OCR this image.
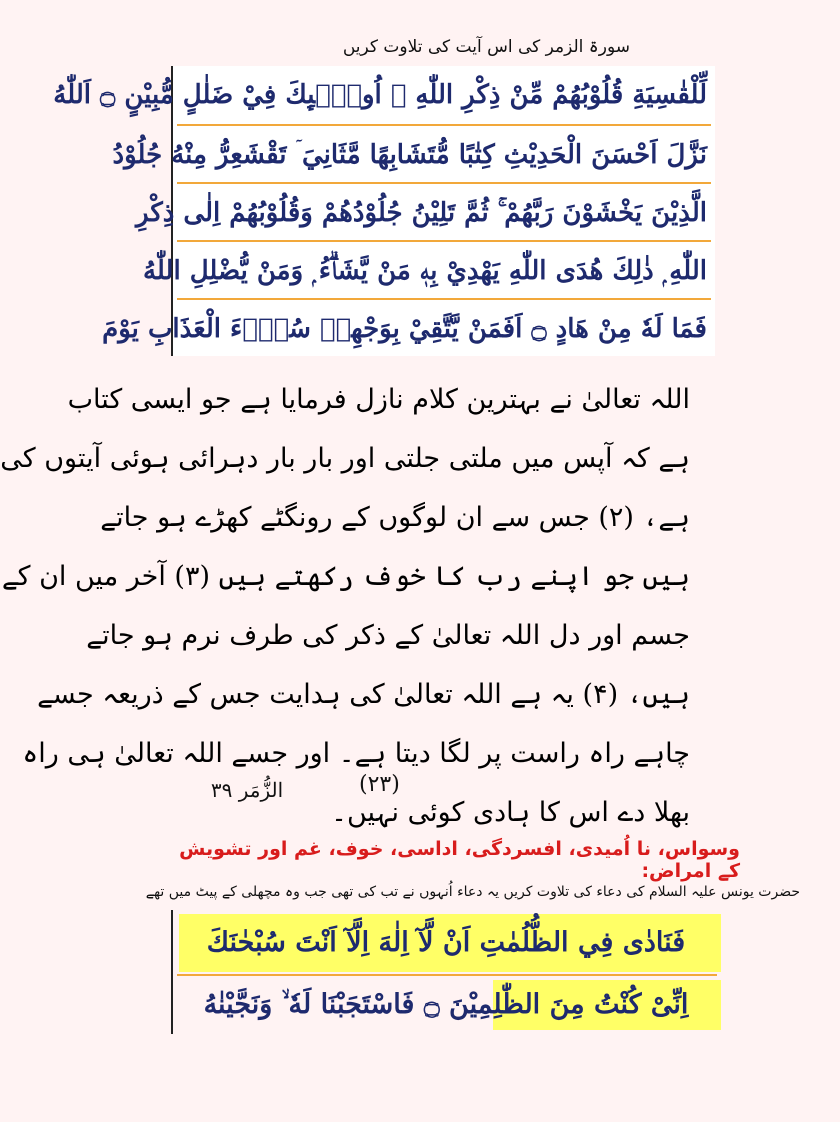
سورۃ الزمر کی اس آیت کی تلاوت کریں
لِّلْقٰسِيَةِ قُلُوْبُهُمْ مِّنْ ذِكْرِ اللّٰهِ ۭ اُولٰۗىِٕكَ فِيْ ضَلٰلٍ مُّبِيْنٍ ۝ اَللّٰهُ
نَزَّلَ اَحْسَنَ الْحَدِيْثِ كِتٰبًا مُّتَشَابِهًا مَّثَانِيَ ۤ تَقْشَعِرُّ مِنْهُ جُلُوْدُ
الَّذِيْنَ يَخْشَوْنَ رَبَّهُمْ ۚ ثُمَّ تَلِيْنُ جُلُوْدُهُمْ وَقُلُوْبُهُمْ اِلٰى ذِكْرِ
اللّٰهِ ۭ ذٰلِكَ هُدَى اللّٰهِ يَهْدِيْ بِهٖ مَنْ يَّشَاۗءُ ۭ وَمَنْ يُّضْلِلِ اللّٰهُ
فَمَا لَهٗ مِنْ هَادٍ ۝ اَفَمَنْ يَّتَّقِيْ بِوَجْهِهٖ سُوْۗءَ الْعَذَابِ يَوْمَ
اللہ تعالیٰ نے بہترین کلام نازل فرمایا ہے جو ایسی کتاب
ہے کہ آپس میں ملتی جلتی اور بار بار دہرائی ہوئی آیتوں کی
ہے، (۲) جس سے ان لوگوں کے رونگٹے کھڑے ہو جاتے
ہیں جو اپنے رب کا خوف رکھتے ہیں (۳) آخر میں ان کے
جسم اور دل اللہ تعالیٰ کے ذکر کی طرف نرم ہو جاتے
ہیں، (۴) یہ ہے اللہ تعالیٰ کی ہدایت جس کے ذریعہ جسے
چاہے راہ راست پر لگا دیتا ہے۔ اور جسے اللہ تعالیٰ ہی راہ
بھلا دے اس کا ہادی کوئی نہیں۔
(۲۳)
الزُّمَر ۳۹
وسواس، نا اُمیدی، افسردگی، اداسی، خوف، غم اور تشویش کے امراض:
حضرت یونس علیہ السلام کی دعاء کی تلاوت کریں یہ دعاء اُنہوں نے تب کی تھی جب وہ مچھلی کے پیٹ میں تھے
فَنَادٰى فِي الظُّلُمٰتِ اَنْ لَّآ اِلٰهَ اِلَّآ اَنْتَ سُبْحٰنَكَ
اِنِّىْ كُنْتُ مِنَ الظّٰلِمِيْنَ ۝ فَاسْتَجَبْنَا لَهٗ ۙ وَنَجَّيْنٰهُ
